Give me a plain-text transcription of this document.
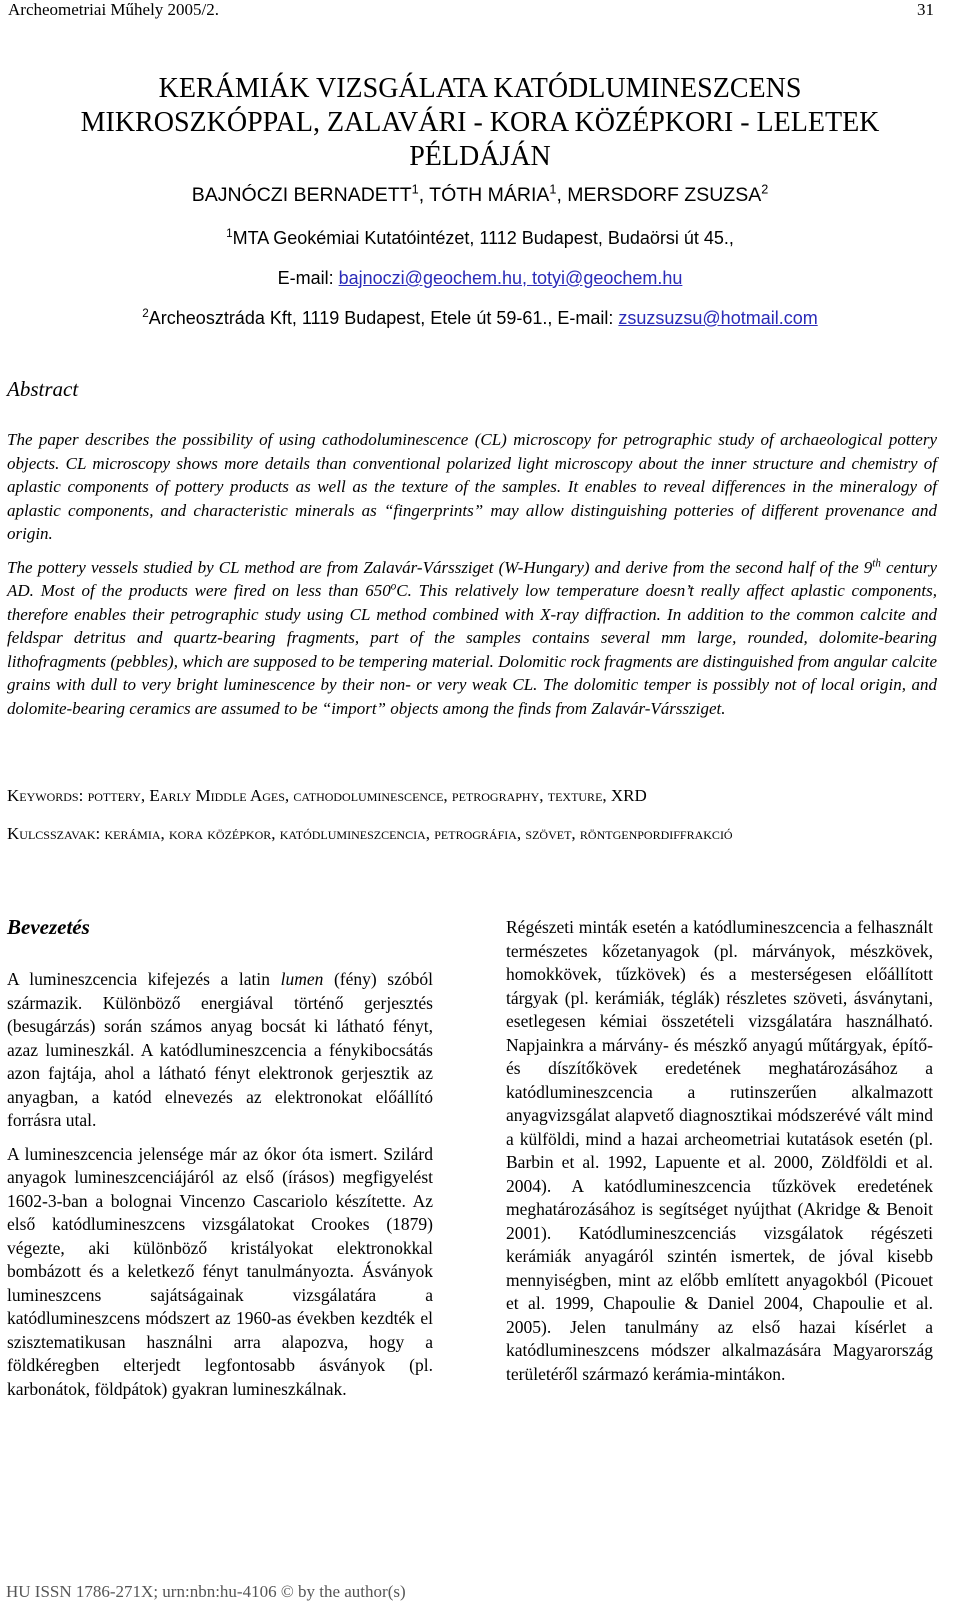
Archeometriai Műhely 2005/2.	31
KERÁMIÁK VIZSGÁLATA KATÓDLUMINESZCENS
MIKROSZKÓPPAL, ZALAVÁRI - KORA KÖZÉPKORI - LELETEK
PÉLDÁJÁN
BAJNÓCZI BERNADETT$^1$, TÓTH MÁRIA$^1$, MERSDORF ZSUZSA$^2$
$^1$MTA Geokémiai Kutatóintézet, 1112 Budapest, Budaörsi út 45.,
E-mail: bajnoczi@geochem.hu, totyi@geochem.hu
$^2$Archeosztráda Kft, 1119 Budapest, Etele út 59-61., E-mail: zsuzsuzsu@hotmail.com
Abstract

The paper describes the possibility of using cathodoluminescence (CL) microscopy for petrographic study of archaeological pottery objects. CL microscopy shows more details than conventional polarized light microscopy about the inner structure and chemistry of aplastic components of pottery products as well as the texture of the samples. It enables to reveal differences in the mineralogy of aplastic components, and characteristic minerals as “fingerprints” may allow distinguishing potteries of different provenance and origin.

The pottery vessels studied by CL method are from Zalavár-Várssziget (W-Hungary) and derive from the second half of the 9th century AD. Most of the products were fired on less than 650$^o$C. This relatively low temperature doesn’t really affect aplastic components, therefore enables their petrographic study using CL method combined with X-ray diffraction. In addition to the common calcite and feldspar detritus and quartz-bearing fragments, part of the samples contains several mm large, rounded, dolomite-bearing lithofragments (pebbles), which are supposed to be tempering material. Dolomitic rock fragments are distinguished from angular calcite grains with dull to very bright luminescence by their non- or very weak CL. The dolomitic temper is possibly not of local origin, and dolomite-bearing ceramics are assumed to be “import” objects among the finds from Zalavár-Várssziget.

Keywords: pottery, Early Middle Ages, cathodoluminescence, petrography, texture, XRD
Kulcsszavak: kerámia, kora középkor, katódlumineszcencia, petrográfia, szövet, röntgenpordiffrakció
Bevezetés

A lumineszcencia kifejezés a latin lumen (fény) szóból származik. Különböző energiával történő gerjesztés (besugárzás) során számos anyag bocsát ki látható fényt, azaz lumineszkál. A katódlumineszcencia a fénykibocsátás azon fajtája, ahol a látható fényt elektronok gerjesztik az anyagban, a katód elnevezés az elektronokat előállító forrásra utal.

A lumineszcencia jelensége már az ókor óta ismert. Szilárd anyagok lumineszcenciájáról az első (írásos) megfigyelést 1602-3-ban a bolognai Vincenzo Cascariolo készítette. Az első katódlumineszcens vizsgálatokat Crookes (1879) végezte, aki különböző kristályokat elektronokkal bombázott és a keletkező fényt tanulmányozta. Ásványok lumineszcens sajátságainak vizsgálatára a katódlumineszcens módszert az 1960-as években kezdték el szisztematikusan használni arra alapozva, hogy a földkéregben elterjedt legfontosabb ásványok (pl. karbonátok, földpátok) gyakran lumineszkálnak.

Régészeti minták esetén a katódlumineszcencia a felhasznált természetes kőzetanyagok (pl. márványok, mészkövek, homokkövek, tűzkövek) és a mesterségesen előállított tárgyak (pl. kerámiák, téglák) részletes szöveti, ásványtani, esetlegesen kémiai összetételi vizsgálatára használható. Napjainkra a márvány- és mészkő anyagú műtárgyak, építő- és díszítőkövek eredetének meghatározásához a katódlumineszcencia a rutinszerűen alkalmazott anyagvizsgálat alapvető diagnosztikai módszerévé vált mind a külföldi, mind a hazai archeometriai kutatások esetén (pl. Barbin et al. 1992, Lapuente et al. 2000, Zöldföldi et al. 2004). A katódlumineszcencia tűzkövek eredetének meghatározásához is segítséget nyújthat (Akridge & Benoit 2001). Katódlumineszcenciás vizsgálatok régészeti kerámiák anyagáról szintén ismertek, de jóval kisebb mennyiségben, mint az előbb említett anyagokból (Picouet et al. 1999, Chapoulie & Daniel 2004, Chapoulie et al. 2005). Jelen tanulmány az első hazai kísérlet a katódlumineszcens módszer alkalmazására Magyarország területéről származó kerámia-mintákon.

HU ISSN 1786-271X; urn:nbn:hu-4106 © by the author(s)
